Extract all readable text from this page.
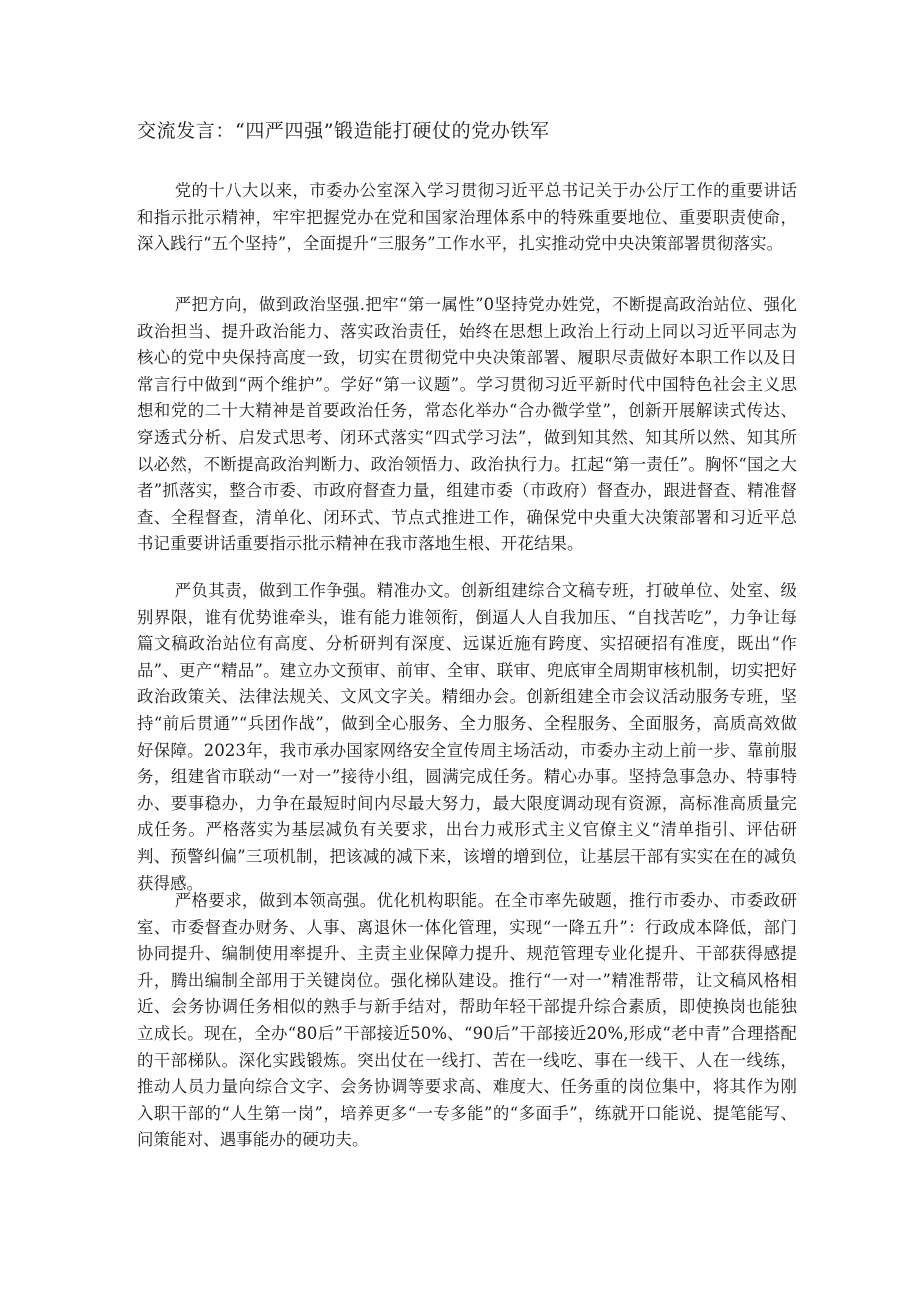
交流发言：“四严四强”锻造能打硬仗的党办铁军

党的十八大以来，市委办公室深入学习贯彻习近平总书记关于办公厅工作的重要讲话和指示批示精神，牢牢把握党办在党和国家治理体系中的特殊重要地位、重要职责使命，深入践行“五个坚持”，全面提升“三服务”工作水平，扎实推动党中央决策部署贯彻落实。

严把方向，做到政治坚强.把牢“第一属性”0坚持党办姓党，不断提高政治站位、强化政治担当、提升政治能力、落实政治责任，始终在思想上政治上行动上同以习近平同志为核心的党中央保持高度一致，切实在贯彻党中央决策部署、履职尽责做好本职工作以及日常言行中做到“两个维护”。学好“第一议题”。学习贯彻习近平新时代中国特色社会主义思想和党的二十大精神是首要政治任务，常态化举办“合办微学堂”，创新开展解读式传达、穿透式分析、启发式思考、闭环式落实“四式学习法”，做到知其然、知其所以然、知其所以必然，不断提高政治判断力、政治领悟力、政治执行力。扛起“第一责任”。胸怀“国之大者”抓落实，整合市委、市政府督查力量，组建市委（市政府）督查办，跟进督查、精准督查、全程督查，清单化、闭环式、节点式推进工作，确保党中央重大决策部署和习近平总书记重要讲话重要指示批示精神在我市落地生根、开花结果。

严负其责，做到工作争强。精准办文。创新组建综合文稿专班，打破单位、处室、级别界限，谁有优势谁牵头，谁有能力谁领衔，倒逼人人自我加压、“自找苦吃”，力争让每篇文稿政治站位有高度、分析研判有深度、远谋近施有跨度、实招硬招有准度，既出“作品”、更产“精品”。建立办文预审、前审、全审、联审、兜底审全周期审核机制，切实把好政治政策关、法律法规关、文风文字关。精细办会。创新组建全市会议活动服务专班，坚持“前后贯通”“兵团作战”，做到全心服务、全力服务、全程服务、全面服务，高质高效做好保障。2023年，我市承办国家网络安全宣传周主场活动，市委办主动上前一步、靠前服务，组建省市联动“一对一”接待小组，圆满完成任务。精心办事。坚持急事急办、特事特办、要事稳办，力争在最短时间内尽最大努力，最大限度调动现有资源，高标准高质量完成任务。严格落实为基层减负有关要求，出台力戒形式主义官僚主义“清单指引、评估研判、预警纠偏”三项机制，把该减的减下来，该增的增到位，让基层干部有实实在在的减负获得感。

严格要求，做到本领高强。优化机构职能。在全市率先破题，推行市委办、市委政研室、市委督查办财务、人事、离退休一体化管理，实现“一降五升”：行政成本降低，部门协同提升、编制使用率提升、主责主业保障力提升、规范管理专业化提升、干部获得感提升，腾出编制全部用于关键岗位。强化梯队建设。推行“一对一”精准帮带，让文稿风格相近、会务协调任务相似的熟手与新手结对，帮助年轻干部提升综合素质，即使换岗也能独立成长。现在，全办“80后”干部接近50%、“90后”干部接近20%,形成“老中青”合理搭配的干部梯队。深化实践锻炼。突出仗在一线打、苦在一线吃、事在一线干、人在一线练，推动人员力量向综合文字、会务协调等要求高、难度大、任务重的岗位集中，将其作为刚入职干部的“人生第一岗”，培养更多“一专多能”的“多面手”，练就开口能说、提笔能写、问策能对、遇事能办的硬功夫。
